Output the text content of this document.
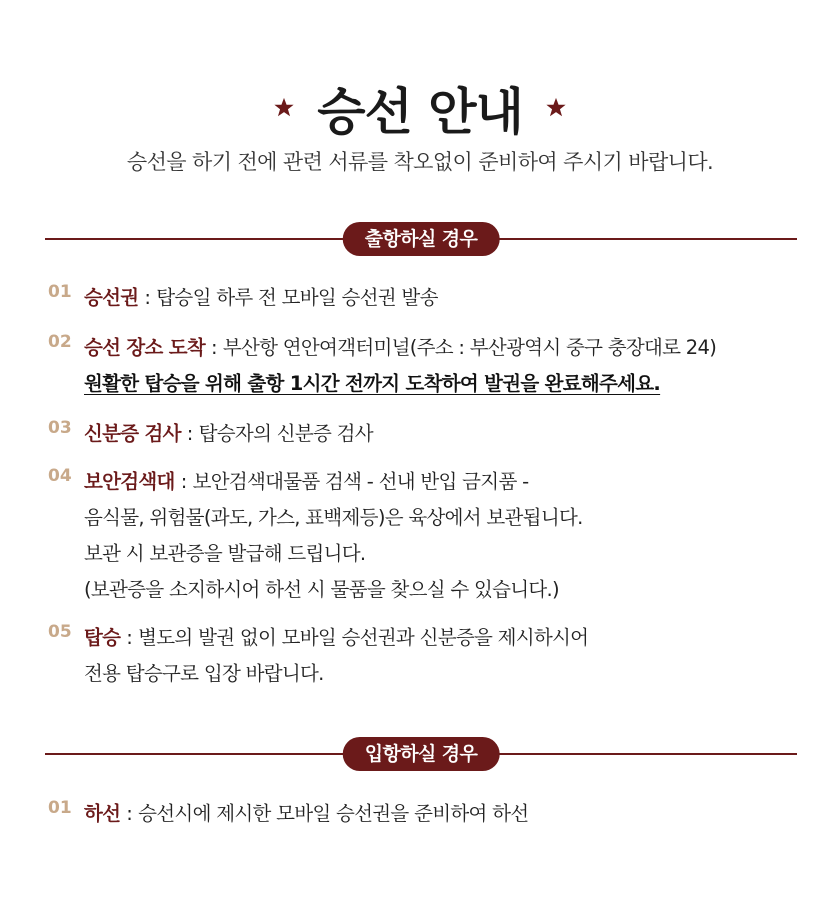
승선 안내
승선을 하기 전에 관련 서류를 착오없이 준비하여 주시기 바랍니다.
출항하실 경우
01 승선권 : 탑승일 하루 전 모바일 승선권 발송
02 승선 장소 도착 : 부산항 연안여객터미널(주소 : 부산광역시 중구 충장대로 24)
원활한 탑승을 위해 출항 1시간 전까지 도착하여 발권을 완료해주세요.
03 신분증 검사 : 탑승자의 신분증 검사
04 보안검색대 : 보안검색대물품 검색 - 선내 반입 금지품 -
음식물, 위험물(과도, 가스, 표백제등)은 육상에서 보관됩니다.
보관 시 보관증을 발급해 드립니다.
(보관증을 소지하시어 하선 시 물품을 찾으실 수 있습니다.)
05 탑승 : 별도의 발권 없이 모바일 승선권과 신분증을 제시하시어
전용 탑승구로 입장 바랍니다.
입항하실 경우
01 하선 : 승선시에 제시한 모바일 승선권을 준비하여 하선
